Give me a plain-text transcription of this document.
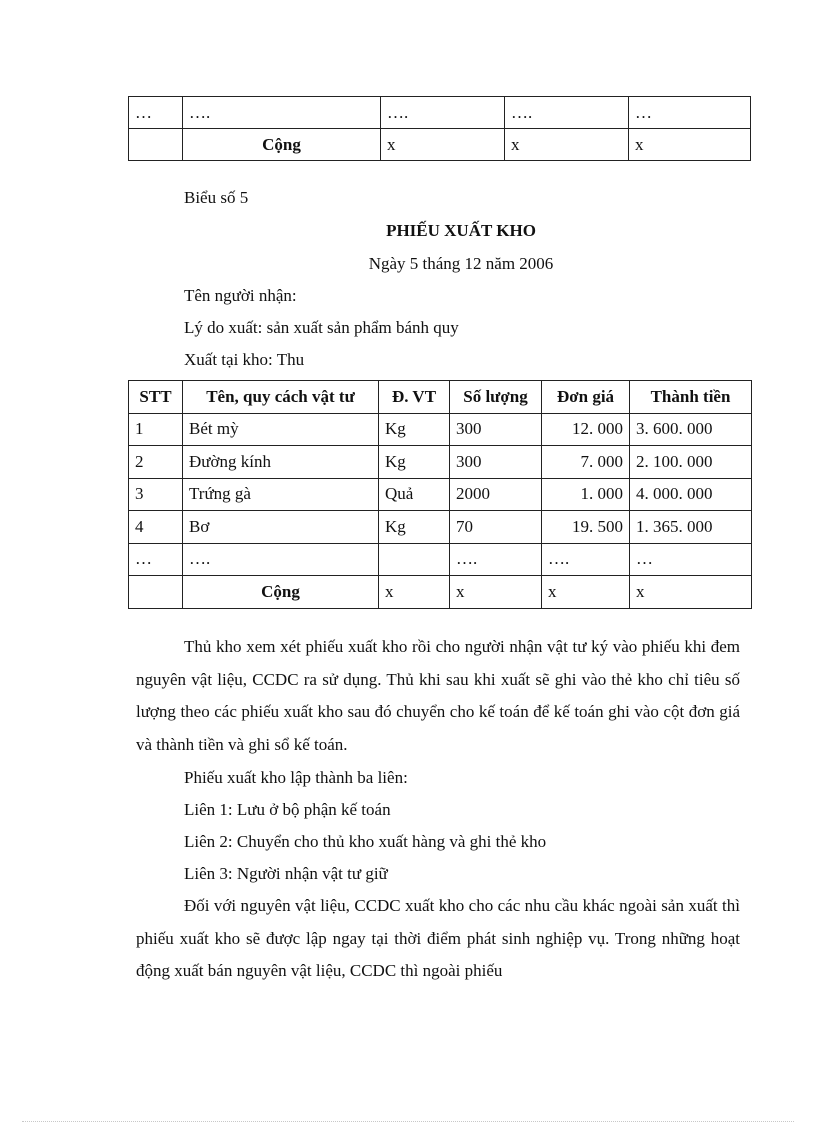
…	….	….	….	…
	Cộng	x	x	x
Biểu số 5
PHIẾU XUẤT KHO
Ngày 5 tháng 12 năm 2006
Tên người nhận:
Lý do xuất: sản xuất sản phẩm bánh quy
Xuất tại kho: Thu
STT	Tên, quy cách vật tư	Đ. VT	Số lượng	Đơn giá	Thành tiền
1	Bét mỳ	Kg	300	12. 000	3. 600. 000
2	Đường kính	Kg	300	7. 000	2. 100. 000
3	Trứng gà	Quả	2000	1. 000	4. 000. 000
4	Bơ	Kg	70	19. 500	1. 365. 000
…	….		….	….	…
	Cộng	x	x	x	x
Thủ kho xem xét phiếu xuất kho rồi cho người nhận vật tư ký vào phiếu khi đem nguyên vật liệu, CCDC ra sử dụng. Thủ khi sau khi xuất sẽ ghi vào thẻ kho chỉ tiêu số lượng theo các phiếu xuất kho sau đó chuyển cho kế toán để kế toán ghi vào cột đơn giá và thành tiền và ghi sổ kế toán.
Phiếu xuất kho lập thành ba liên:
Liên 1: Lưu ở bộ phận kế toán
Liên 2: Chuyển cho thủ kho xuất hàng và ghi thẻ kho
Liên 3: Người nhận vật tư giữ
Đối với nguyên vật liệu, CCDC xuất kho cho các nhu cầu khác ngoài sản xuất thì phiếu xuất kho sẽ được lập ngay tại thời điểm phát sinh nghiệp vụ. Trong những hoạt động xuất bán nguyên vật liệu, CCDC thì ngoài phiếu
